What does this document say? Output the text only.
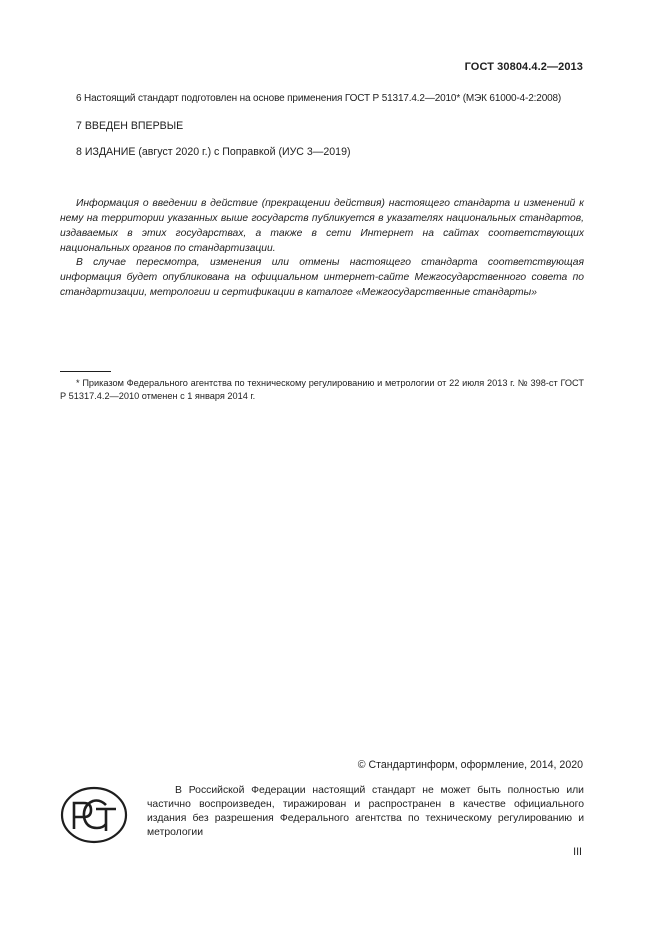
ГОСТ 30804.4.2—2013
6 Настоящий стандарт подготовлен на основе применения ГОСТ Р 51317.4.2—2010* (МЭК 61000-4-2:2008)
7 ВВЕДЕН ВПЕРВЫЕ
8 ИЗДАНИЕ (август 2020 г.) с Поправкой (ИУС 3—2019)

Информация о введении в действие (прекращении действия) настоящего стандарта и изменений к нему на территории указанных выше государств публикуется в указателях национальных стандартов, издаваемых в этих государствах, а также в сети Интернет на сайтах соответствующих национальных органов по стандартизации.

В случае пересмотра, изменения или отмены настоящего стандарта соответствующая информация будет опубликована на официальном интернет-сайте Межгосударственного совета по стандартизации, метрологии и сертификации в каталоге «Межгосударственные стандарты»

* Приказом Федерального агентства по техническому регулированию и метрологии от 22 июля 2013 г. № 398-ст ГОСТ Р 51317.4.2—2010 отменен с 1 января 2014 г.

© Стандартинформ, оформление, 2014, 2020
РСТ

В Российской Федерации настоящий стандарт не может быть полностью или частично воспроизведен, тиражирован и распространен в качестве официального издания без разрешения Федерального агентства по техническому регулированию и метрологии

III
